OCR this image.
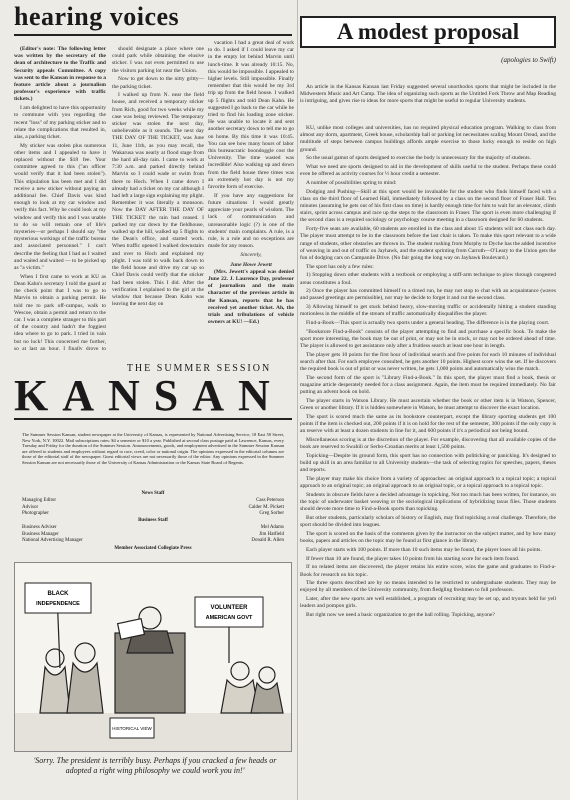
hearing voices

(Editor's note: The following letter was written by the secretary of the dean of architecture to the Traffic and Security appeals Committee. A copy was sent to the Kansan in response to a feature article about a journalism professor's experience with traffic tickets.)

I am delighted to have this opportunity to commune with you regarding the recent "loss" of my parking sticker and to relate the complications that resulted in, alas, a parking ticket.

My sticker was stolen plus numerous other items and I appealed to have it replaced without the $18 fee. Your committee agreed to this ("an officer would verify that it had been stolen"). This stipulation has been met and I did receive a new sticker without paying an additional fee. Chief Davis was kind enough to look at my car window and verify this fact. Why he could look at my window and verify this and I was unable to do so will remain one of life's mysteries—or perhaps I should say "the mysterious workings of the traffic bureau and associated personnel." I can't describe the feeling that I had as I waited and waited and waited — to be picked up as "a victim."

When I first came to work at KU as Dean Kahn's secretary I told the guard at the check point that I was to go to Marvin to obtain a parking permit. He told me to park off-campus, walk to Wescoe, obtain a permit and return to the car. I was a complete stranger to this part of the country and hadn't the foggiest idea where to go to park. I tried in vain but no luck! This concerned me further, so at last an hour. I finally drove to

should designate a place where one could park while obtaining the elusive sticker. I was not even permitted to use the visitors parking lot near the Union.

Now to get down to the nitty gritty—the parking ticket.

I walked up from N. near the field house, and received a temporary sticker from Rich, good for two weeks while my case was being reviewed. The temporary sticker was stolen the next day, unbelievable as it sounds. The next day THE DAY OF THE TICKET, was June 11, June 11th, as you may recall, the Wakarusa was nearly at flood stage from the hard all-day rain. I came to work at 7:30 a.m. and parked directly behind Marvin so I could wade or swim from there to Hoch. When I came down I already had a ticket on my car although I had left a large sign explaining my plight. Remember it was literally a monsoon. Now the DAY AFTER THE DAY OF THE TICKET the rain had ceased. I parked my car down by the fieldhouse, walked up the hill, walked up 5 flights to the Dean's office, and started work. When traffic opened I walked downstairs and over to Hoch and explained my plight. I was told to walk back down to the field house and drive my car up so Chief Davis could verify that the sticker had been stolen. This I did. After the verification I explained to the girl at the window that because Dean Kahn was leaving the next day on

vacation I had a great deal of work to do. I asked if I could leave my car in the empty lot behind Marvin until lunch-time. It was already 10:15. No, this would be impossible. I appealed to higher levels. Still impossible. Finally remember that this would be my 3rd trip up from the field house. I walked up 5 flights and told Dean Kahn. He suggested I go back to the car while he tried to find his loading zone sticker. He was unable to locate it and sent another secretary down to tell me to go on home. By this time it was 10:45. You can see how many hours of labor this bureaucratic boondoggle cost the University. The time wasted was incredible! Also walking up and down from the field house three times was an extremely hot day is not my favorite form of exercise.

If you have any suggestions for future situations I would greatly appreciate your pearls of wisdom. The lack of communication and unreasonable logic (?) is one of the students' main complaints. A rule, is a rule, is a rule and no exceptions are made for any reason.

Sincerely,
June Howe Jewett

(Mrs. Jewett's appeal was denied June 22. J. Laurence Day, professor of journalism and the main character of the previous article in the Kansan, reports that he has received yet another ticket. Ah, the trials and tribulations of vehicle owners at KU! —Ed.)

A modest proposal
(apologies to Swift)

An article in the Kansas Kansan last Friday suggested several unorthodox sports that might be included in the Midwestern Music and Art Camp. The idea of organizing such sports as the Untitled Fork Throw and Map Reading is intriguing, and gives rise to ideas for more sports that might be useful to regular University students.

KU, unlike most colleges and universities, has no required physical education program. Walking to class from almost any dorm, apartment, Greek house, scholarship hall or parking lot necessitates scaling Mount Oread, and the multitude of steps between campus buildings affords ample exercise to those lucky enough to reside on high ground.

So the usual gamut of sports designed to exercise the body is unnecessary for the majority of students.

What we need are sports designed to aid in the development of skills useful to the student. Perhaps these could even be offered as activity courses for ½ hour credit a semester.

A number of possibilities spring to mind:

Dodging and Pushing—Skill at this sport would be invaluable for the student who finds himself faced with a class on the third floor of Learned Hall, immediately followed by a class on the second floor of Fraser Hall. Ten minutes (assuming he gets out of his first class on time) is hardly enough time for him to wait for an elevator, climb stairs, sprint across campus and race up the steps to the classroom in Fraser. The sport is even more challenging if the second class is a required sociology or psychology course meeting in a classroom designed for 60 students.

Forty-five seats are available, 60 students are enrolled in the class and about 15 students will not class each day. The player must attempt to be in the classroom before the last chair is taken. To make this sport relevant to a wide range of students, other obstacles are thrown in. The student rushing from Murphy to Dyche has the added incentive of weaving in and out of traffic on Jayhawk, and the student sprinting from Carruth—O'Leary to the Union gets the fun of dodging cars on Campanile Drive. (No fair going the long way on Jayhawk Boulevard.)

The sport has only a few rules:

1) Stopping down other students with a textbook or employing a stiff-arm technique to plow through congested areas constitutes a foul.

2) Once the player has committed himself to a timed run, he may not stop to chat with an acquaintance (waves and passed greetings are permissible), nor may he decide to forget it and cut the second class.

3) Allowing himself to get stuck behind heavy, slow-moving traffic or accidentally hitting a student standing motionless in the middle of the stream of traffic automatically disqualifies the player.

Find-a-Book—This sport is actually two sports under a general heading. The difference is in the playing court.

"Bookstore Find-a-Book" consists of the player attempting to find and purchase a specific book. To make the sport more interesting, the book may be out of print, or may not be in stock, or may not be ordered ahead of time. The player is allowed to get assistance only after a fruitless search at least one hour in length.

The player gets 10 points for the first hour of individual search and five points for each 10 minutes of individual search after that. For each employee consulted, he gets another 10 points. Highest score wins the set. If he discovers the required book is out of print or was never written, he gets 1,000 points and automatically wins the match.

The second form of the sport is "Library Find-a-Book." In this sport, the player must find a book, thesis or magazine article desperately needed for a class assignment. Again, the item must be required immediately. No fair putting an advent hook on hold.

The player starts in Watson Library. He must ascertain whether the book or other item is in Watson, Spencer, Green or another library. If it is hidden somewhere in Watson, he must attempt to discover the exact location.

The sport is scored much the same as its bookstore counterpart, except the library sporting students get 100 points if the item is checked out, 200 points if it is on hold for the rest of the semester, 300 points if the only copy is an reserve with at least a dozen students in line for it, and 600 points if it's a periodical not being bound.

Miscellaneous scoring is at the discretion of the player. For example, discovering that all available copies of the book are reserved to Swahili or Serbo-Croatian merits at least 1,500 points.

Topicking—Despite its ground form, this sport has no connection with politicking or panicking. It's designed to build up skill in an area familiar to all University students—the task of selecting topics for speeches, papers, theses and reports.

The player may make his choice from a variety of approaches: an original approach to a topical topic; a topical approach to an original topic; an original approach to an original topic, or a topical approach to a topical topic.

Students in obscure fields have a decided advantage in topicking. Not too much has been written, for instance, on the topic of underwater basket weaving or the sociological implications of hybridizing taxus files. Those students should devote more time to Find-a-Book sports than topicking.

But other students, particularly scholars of history or English, may find topicking a real challenge. Therefore, the sport should be divided into leagues.

The sport is scored on the basis of the comments given by the instructor on the subject matter, and by how many books, papers and articles on the topic may be found at first glance in the library.

Each player starts with 100 points. If more than 10 such items may be found, the player loses all his points.

If fewer than 10 are found, the player takes 10 points from his starting score for each item found.

If no related items are discovered, the player retains his entire score, wins the game and graduates to Find-a-Book for research on his topic.

The three sports described are by no means intended to be restricted to undergraduate students. They may be enjoyed by all members of the University community, from fledgling freshmen to full professors.

Later, after the new sports are well established, a program of recruiting may be set up, and tryouts held for yell leaders and pompon girls.

But right now we need a basic organization to get the ball rolling. Topicking, anyone?

THE SUMMER SESSION
KANSAN
The Summer Session Kansan, student newspaper at the University of Kansas, is represented by National Advertising Service, 18 East 50 Street, New York, N.Y. 10022. Mail subscriptions rates: $4 a semester or $10 a year. Published at second class postage paid at Lawrence, Kansas, every Tuesday and Friday for the duration of the Summer Session. Announcements, goods, and employment advertised in the Summer Session Kansan are offered to students and employees without regard to race, creed, color or national origin. The opinions expressed in the editorial columns are those of the editorial staff of the newspaper. Guest editorial views are not necessarily those of the editor. Any opinions expressed in the Summer Session Kansan are not necessarily those of the University of Kansas Administration or the Kansas State Board of Regents.
News Staff
Managing Editor	Cass Peterson
Advisor	Calder M. Pickett
Photographer	Greg Sorber
Business Staff
Business Adviser	Mel Adams
Business Manager	Jim Hatfield
National Advertising Manager	Donald R. Allen
Member Associated Collegiate Press
BLACK
INDEPENDENCE
VOLUNTEER
AMERICAN GOVT
HISTORICAL VIEW
'Sorry. The president is terribly busy. Perhaps if you cracked a few heads or adopted a right wing philosophy we could work you in!'
